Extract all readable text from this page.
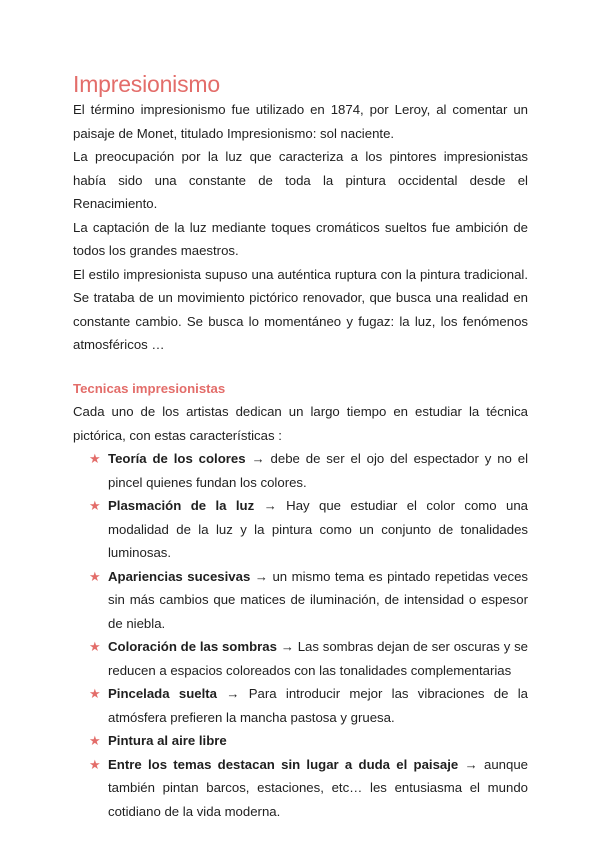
Impresionismo

El término impresionismo fue utilizado en 1874, por Leroy, al comentar un paisaje de Monet, titulado Impresionismo: sol naciente.

La preocupación por la luz que caracteriza a los pintores impresionistas había sido una constante de toda la pintura occidental desde el Renacimiento.

La captación de la luz mediante toques cromáticos sueltos fue ambición de todos los grandes maestros.

El estilo impresionista supuso una auténtica ruptura con la pintura tradicional. Se trataba de un movimiento pictórico renovador, que busca una realidad en constante cambio. Se busca lo momentáneo y fugaz: la luz, los fenómenos atmosféricos …

Tecnicas impresionistas

Cada uno de los artistas dedican un largo tiempo en estudiar la técnica pictórica, con estas características :

★ Teoría de los colores → debe de ser el ojo del espectador y no el pincel quienes fundan los colores.
★ Plasmación de la luz → Hay que estudiar el color como una modalidad de la luz y la pintura como un conjunto de tonalidades luminosas.
★ Apariencias sucesivas → un mismo tema es pintado repetidas veces sin más cambios que matices de iluminación, de intensidad o espesor de niebla.
★ Coloración de las sombras → Las sombras dejan de ser oscuras y se reducen a espacios coloreados con las tonalidades complementarias
★ Pincelada suelta → Para introducir mejor las vibraciones de la atmósfera prefieren la mancha pastosa y gruesa.
★ Pintura al aire libre
★ Entre los temas destacan sin lugar a duda el paisaje → aunque también pintan barcos, estaciones, etc… les entusiasma el mundo cotidiano de la vida moderna.
